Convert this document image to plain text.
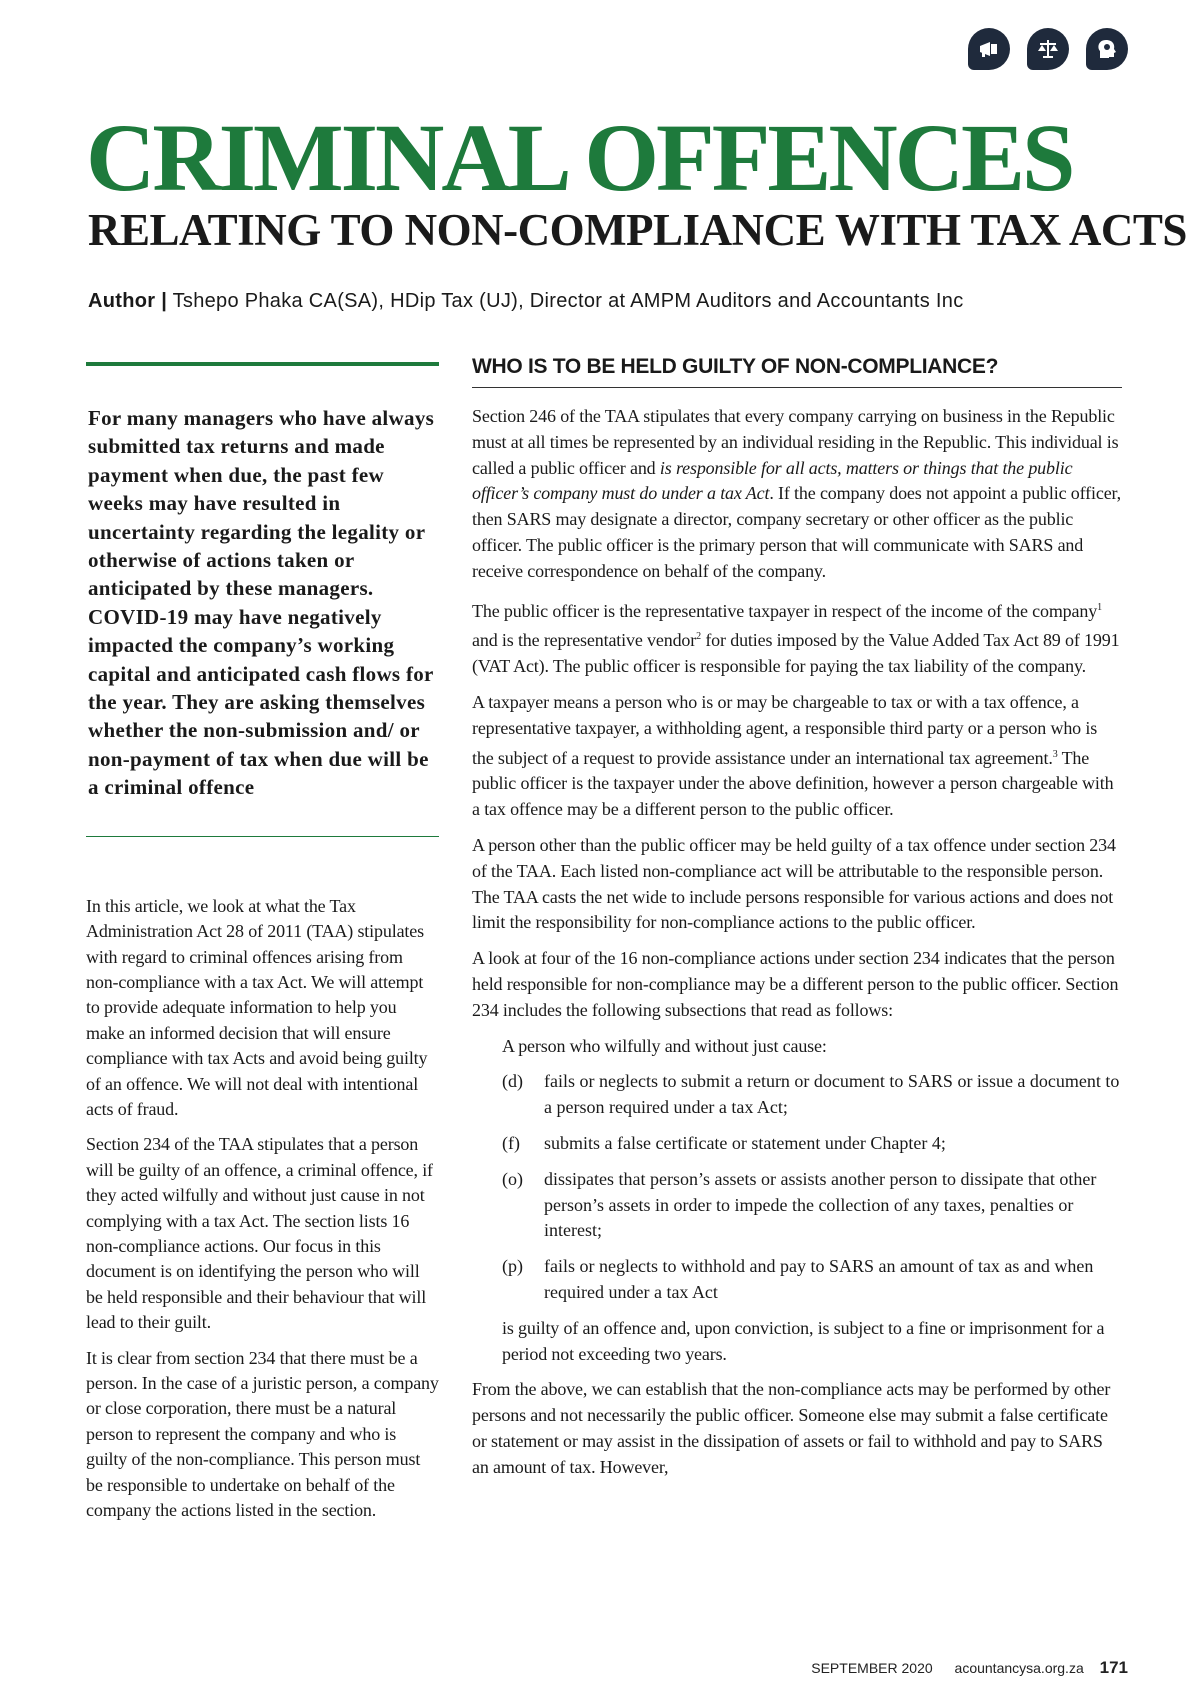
CRIMINAL OFFENCES
RELATING TO NON-COMPLIANCE WITH TAX ACTS
Author | Tshepo Phaka CA(SA), HDip Tax (UJ), Director at AMPM Auditors and Accountants Inc

For many managers who have always submitted tax returns and made payment when due, the past few weeks may have resulted in uncertainty regarding the legality or otherwise of actions taken or anticipated by these managers. COVID-19 may have negatively impacted the company’s working capital and anticipated cash flows for the year. They are asking themselves whether the non-submission and/ or non-payment of tax when due will be a criminal offence

In this article, we look at what the Tax Administration Act 28 of 2011 (TAA) stipulates with regard to criminal offences arising from non-compliance with a tax Act. We will attempt to provide adequate information to help you make an informed decision that will ensure compliance with tax Acts and avoid being guilty of an offence. We will not deal with intentional acts of fraud.

Section 234 of the TAA stipulates that a person will be guilty of an offence, a criminal offence, if they acted wilfully and without just cause in not complying with a tax Act. The section lists 16 non-compliance actions. Our focus in this document is on identifying the person who will be held responsible and their behaviour that will lead to their guilt.

It is clear from section 234 that there must be a person. In the case of a juristic person, a company or close corporation, there must be a natural person to represent the company and who is guilty of the non-compliance. This person must be responsible to undertake on behalf of the company the actions listed in the section.

WHO IS TO BE HELD GUILTY OF NON-COMPLIANCE?

Section 246 of the TAA stipulates that every company carrying on business in the Republic must at all times be represented by an individual residing in the Republic. This individual is called a public officer and is responsible for all acts, matters or things that the public officer’s company must do under a tax Act. If the company does not appoint a public officer, then SARS may designate a director, company secretary or other officer as the public officer. The public officer is the primary person that will communicate with SARS and receive correspondence on behalf of the company.

The public officer is the representative taxpayer in respect of the income of the company$^1$ and is the representative vendor$^2$ for duties imposed by the Value Added Tax Act 89 of 1991 (VAT Act). The public officer is responsible for paying the tax liability of the company.

A taxpayer means a person who is or may be chargeable to tax or with a tax offence, a representative taxpayer, a withholding agent, a responsible third party or a person who is the subject of a request to provide assistance under an international tax agreement.$^3$ The public officer is the taxpayer under the above definition, however a person chargeable with a tax offence may be a different person to the public officer.

A person other than the public officer may be held guilty of a tax offence under section 234 of the TAA. Each listed non-compliance act will be attributable to the responsible person. The TAA casts the net wide to include persons responsible for various actions and does not limit the responsibility for non-compliance actions to the public officer.

A look at four of the 16 non-compliance actions under section 234 indicates that the person held responsible for non-compliance may be a different person to the public officer. Section 234 includes the following subsections that read as follows:

A person who wilfully and without just cause:

(d)	fails or neglects to submit a return or document to SARS or issue a document to a person required under a tax Act;
(f)	submits a false certificate or statement under Chapter 4;
(o)	dissipates that person’s assets or assists another person to dissipate that other person’s assets in order to impede the collection of any taxes, penalties or interest;
(p)	fails or neglects to withhold and pay to SARS an amount of tax as and when required under a tax Act

is guilty of an offence and, upon conviction, is subject to a fine or imprisonment for a period not exceeding two years.

From the above, we can establish that the non-compliance acts may be performed by other persons and not necessarily the public officer. Someone else may submit a false certificate or statement or may assist in the dissipation of assets or fail to withhold and pay to SARS an amount of tax. However,

SEPTEMBER 2020 acountancysa.org.za 171
